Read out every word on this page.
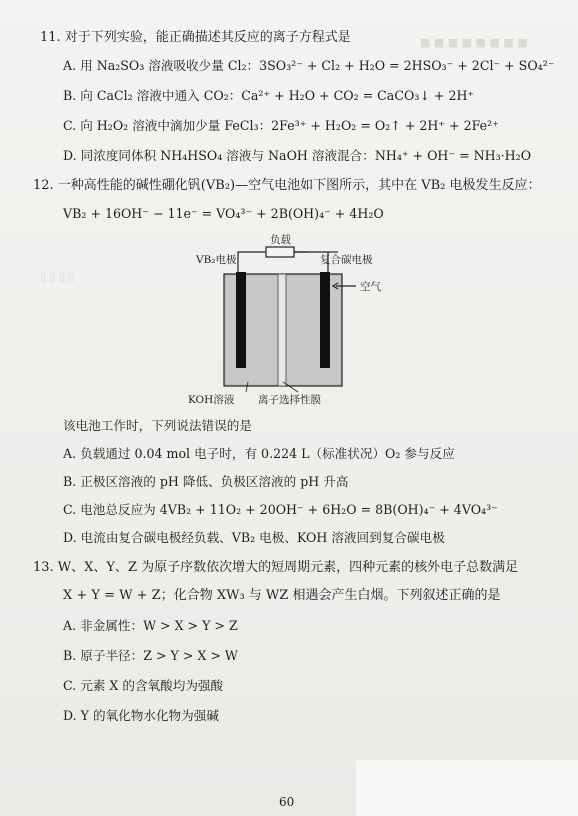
■ ■ ■ ■ ■ ■ ■ ■
▯ ▯ ▯ ▯
11. 对于下列实验，能正确描述其反应的离子方程式是
A. 用 Na₂SO₃ 溶液吸收少量 Cl₂：3SO₃²⁻ + Cl₂ + H₂O = 2HSO₃⁻ + 2Cl⁻ + SO₄²⁻
B. 向 CaCl₂ 溶液中通入 CO₂：Ca²⁺ + H₂O + CO₂ = CaCO₃↓ + 2H⁺
C. 向 H₂O₂ 溶液中滴加少量 FeCl₃：2Fe³⁺ + H₂O₂ = O₂↑ + 2H⁺ + 2Fe²⁺
D. 同浓度同体积 NH₄HSO₄ 溶液与 NaOH 溶液混合：NH₄⁺ + OH⁻ = NH₃·H₂O
12. 一种高性能的碱性硼化钒(VB₂)—空气电池如下图所示，其中在 VB₂ 电极发生反应：
VB₂ + 16OH⁻ − 11e⁻ = VO₄³⁻ + 2B(OH)₄⁻ + 4H₂O
负载
VB₂电极	复合碳电极
空气
KOH溶液 离子选择性膜
该电池工作时，下列说法错误的是
A. 负载通过 0.04 mol 电子时，有 0.224 L（标准状况）O₂ 参与反应
B. 正极区溶液的 pH 降低、负极区溶液的 pH 升高
C. 电池总反应为 4VB₂ + 11O₂ + 20OH⁻ + 6H₂O = 8B(OH)₄⁻ + 4VO₄³⁻
D. 电流由复合碳电极经负载、VB₂ 电极、KOH 溶液回到复合碳电极
13. W、X、Y、Z 为原子序数依次增大的短周期元素，四种元素的核外电子总数满足
X + Y = W + Z；化合物 XW₃ 与 WZ 相遇会产生白烟。下列叙述正确的是
A. 非金属性：W > X > Y > Z
B. 原子半径：Z > Y > X > W
C. 元素 X 的含氧酸均为强酸
D. Y 的氧化物水化物为强碱
60
